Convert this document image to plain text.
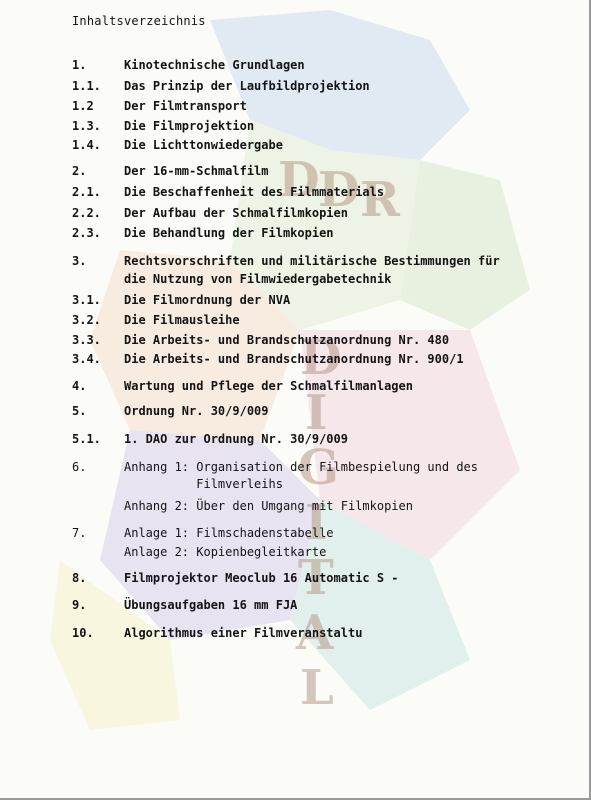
D
D R
D
I
G
I
T
A
L
Inhaltsverzeichnis
1.	Kinotechnische Grundlagen
1.1.	Das Prinzip der Laufbildprojektion
1.2	Der Filmtransport
1.3.	Die Filmprojektion
1.4.	Die Lichttonwiedergabe
2.	Der 16-mm-Schmalfilm
2.1.	Die Beschaffenheit des Filmmaterials
2.2.	Der Aufbau der Schmalfilmkopien
2.3.	Die Behandlung der Filmkopien
3.	Rechtsvorschriften und militärische Bestimmungen für
die Nutzung von Filmwiedergabetechnik
3.1.	Die Filmordnung der NVA
3.2.	Die Filmausleihe
3.3.	Die Arbeits- und Brandschutzanordnung Nr. 480
3.4.	Die Arbeits- und Brandschutzanordnung Nr. 900/1
4.	Wartung und Pflege der Schmalfilmanlagen
5.	Ordnung Nr. 30/9/009
5.1.	1. DAO zur Ordnung Nr. 30/9/009
6.	Anhang 1: Organisation der Filmbespielung und des
Filmverleihs
Anhang 2: Über den Umgang mit Filmkopien
7.	Anlage 1: Filmschadenstabelle
Anlage 2: Kopienbegleitkarte
8.	Filmprojektor Meoclub 16 Automatic S -
9.	Übungsaufgaben 16 mm FJA
10.	Algorithmus einer Filmveranstaltu
